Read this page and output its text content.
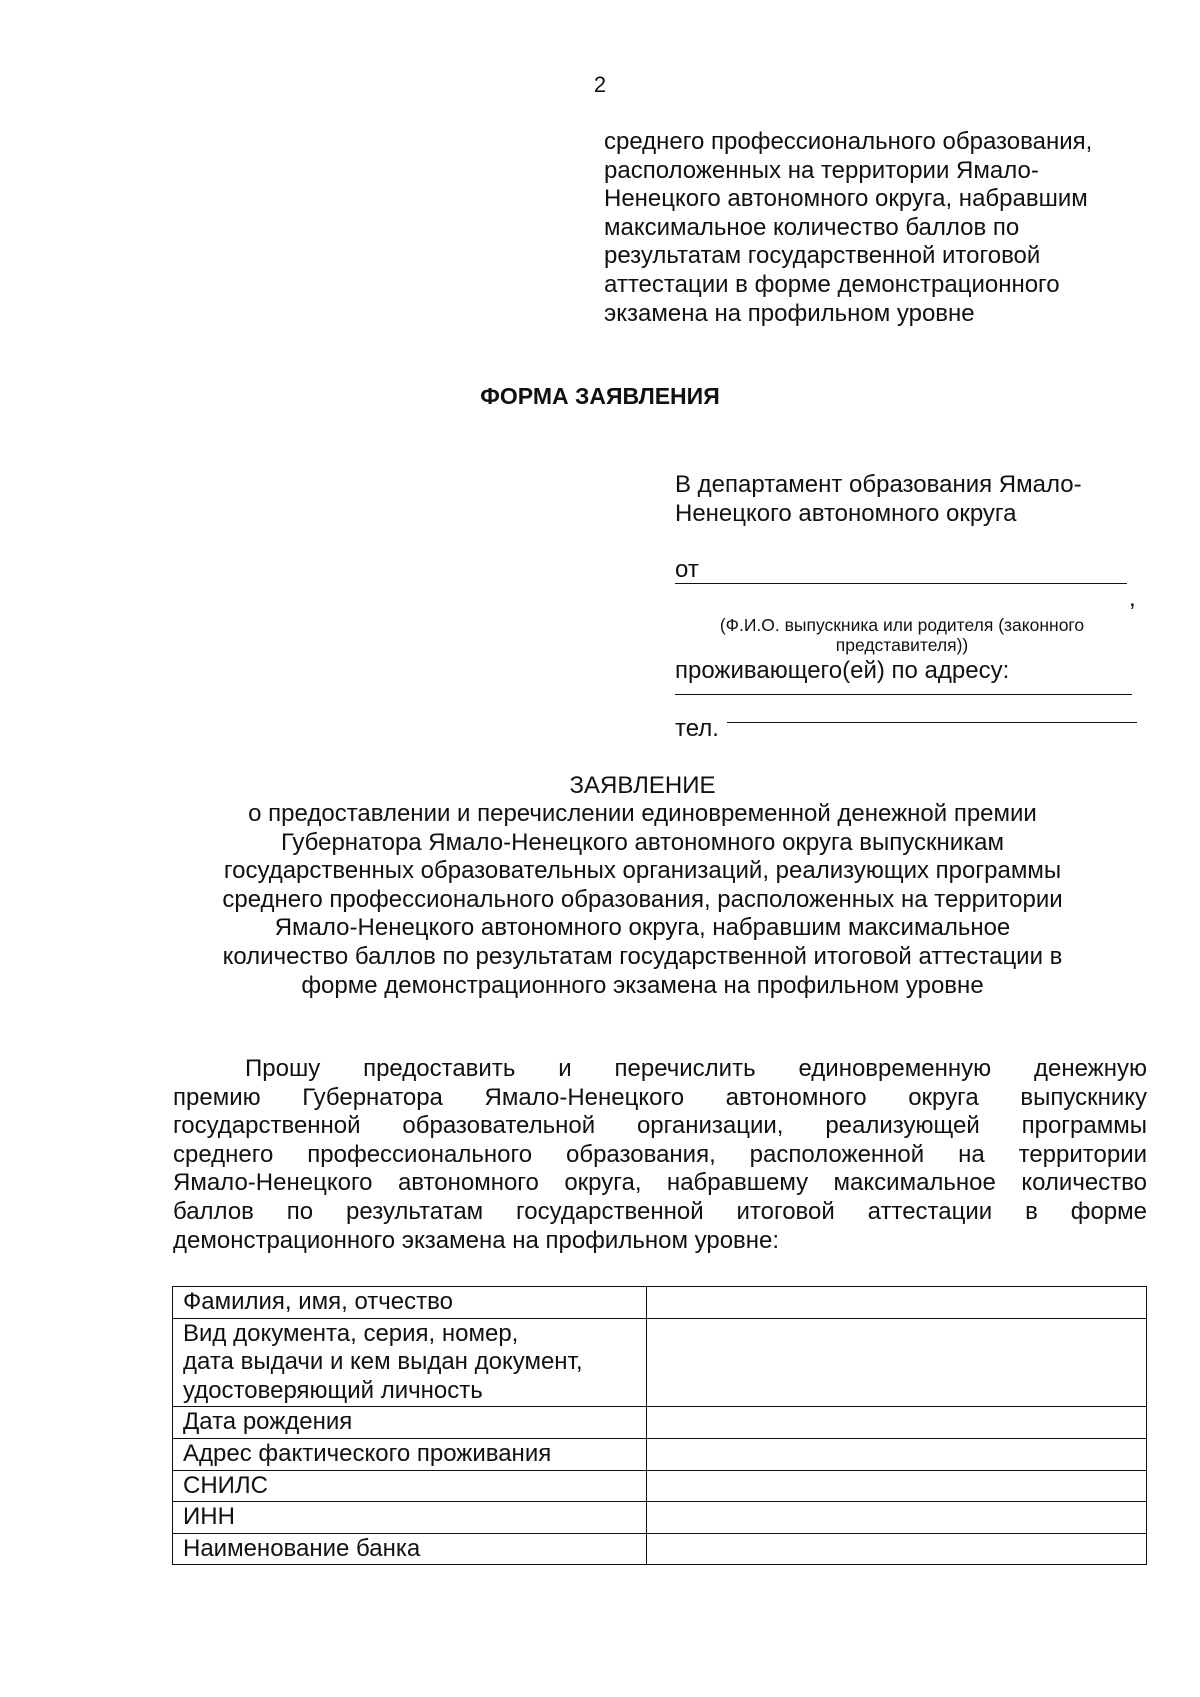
2
среднего профессионального образования,
расположенных на территории Ямало-
Ненецкого автономного округа, набравшим
максимальное количество баллов по
результатам государственной итоговой
аттестации в форме демонстрационного
экзамена на профильном уровне
ФОРМА ЗАЯВЛЕНИЯ
В департамент образования Ямало-
Ненецкого автономного округа
от
,
(Ф.И.О. выпускника или родителя (законного
представителя))
проживающего(ей) по адресу:
тел.
ЗАЯВЛЕНИЕ
о предоставлении и перечислении единовременной денежной премии
Губернатора Ямало-Ненецкого автономного округа выпускникам
государственных образовательных организаций, реализующих программы
среднего профессионального образования, расположенных на территории
Ямало-Ненецкого автономного округа, набравшим максимальное
количество баллов по результатам государственной итоговой аттестации в
форме демонстрационного экзамена на профильном уровне
Прошу предоставить и перечислить единовременную денежную
премию Губернатора Ямало-Ненецкого автономного округа выпускнику
государственной образовательной организации, реализующей программы
среднего профессионального образования, расположенной на территории
Ямало-Ненецкого автономного округа, набравшему максимальное количество
баллов по результатам государственной итоговой аттестации в форме
демонстрационного экзамена на профильном уровне:
Фамилия, имя, отчество	

Вид документа, серия, номер,
дата выдачи и кем выдан документ,
удостоверяющий личность	

Дата рождения	

Адрес фактического проживания	

СНИЛС	

ИНН	

Наименование банка	
